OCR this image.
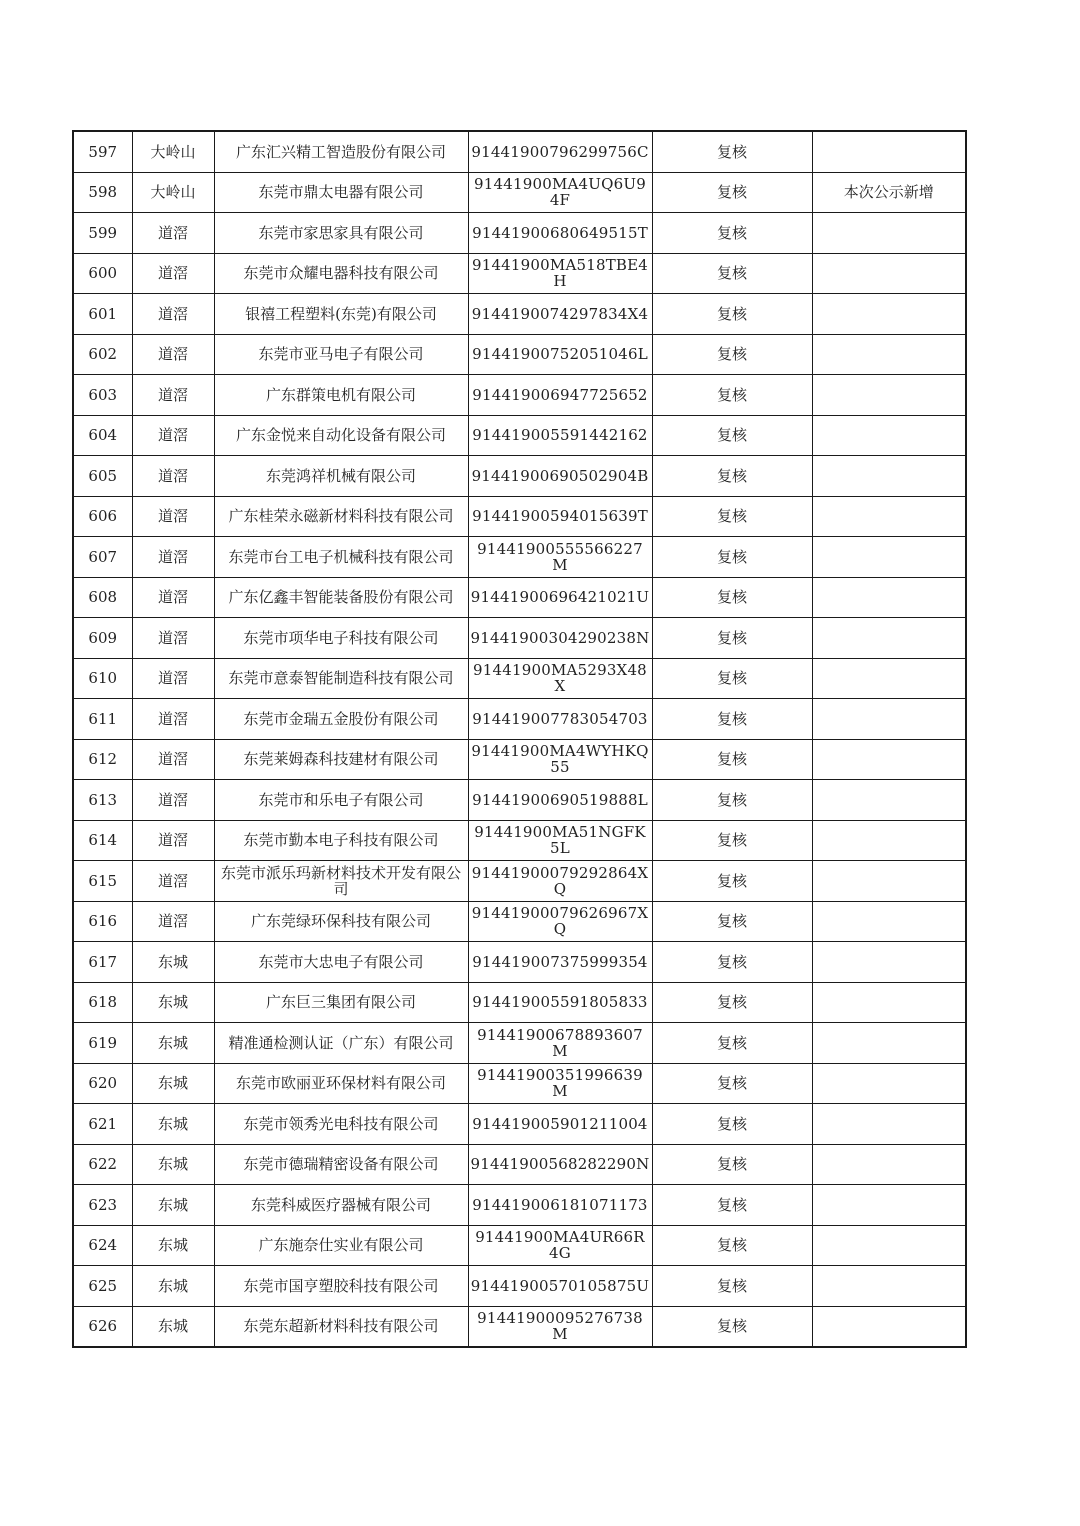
597	大岭山	广东汇兴精工智造股份有限公司	91441900796299756C	复核	
598	大岭山	东莞市鼎太电器有限公司	91441900MA4UQ6U94F	复核	本次公示新增
599	道滘	东莞市家思家具有限公司	91441900680649515T	复核	
600	道滘	东莞市众耀电器科技有限公司	91441900MA518TBE4H	复核	
601	道滘	银禧工程塑料(东莞)有限公司	9144190074297834X4	复核	
602	道滘	东莞市亚马电子有限公司	91441900752051046L	复核	
603	道滘	广东群策电机有限公司	914419006947725652	复核	
604	道滘	广东金悦来自动化设备有限公司	914419005591442162	复核	
605	道滘	东莞鸿祥机械有限公司	91441900690502904B	复核	
606	道滘	广东桂荣永磁新材料科技有限公司	91441900594015639T	复核	
607	道滘	东莞市台工电子机械科技有限公司	91441900555566227M	复核	
608	道滘	广东亿鑫丰智能装备股份有限公司	91441900696421021U	复核	
609	道滘	东莞市项华电子科技有限公司	91441900304290238N	复核	
610	道滘	东莞市意泰智能制造科技有限公司	91441900MA5293X48X	复核	
611	道滘	东莞市金瑞五金股份有限公司	914419007783054703	复核	
612	道滘	东莞莱姆森科技建材有限公司	91441900MA4WYHKQ55	复核	
613	道滘	东莞市和乐电子有限公司	91441900690519888L	复核	
614	道滘	东莞市勤本电子科技有限公司	91441900MA51NGFK5L	复核	
615	道滘	东莞市派乐玛新材料技术开发有限公司	91441900079292864XQ	复核	
616	道滘	广东莞绿环保科技有限公司	91441900079626967XQ	复核	
617	东城	东莞市大忠电子有限公司	914419007375999354	复核	
618	东城	广东巨三集团有限公司	914419005591805833	复核	
619	东城	精准通检测认证（广东）有限公司	91441900678893607M	复核	
620	东城	东莞市欧丽亚环保材料有限公司	91441900351996639M	复核	
621	东城	东莞市领秀光电科技有限公司	914419005901211004	复核	
622	东城	东莞市德瑞精密设备有限公司	91441900568282290N	复核	
623	东城	东莞科威医疗器械有限公司	914419006181071173	复核	
624	东城	广东施奈仕实业有限公司	91441900MA4UR66R4G	复核	
625	东城	东莞市国亨塑胶科技有限公司	91441900570105875U	复核	
626	东城	东莞东超新材料科技有限公司	91441900095276738M	复核	
